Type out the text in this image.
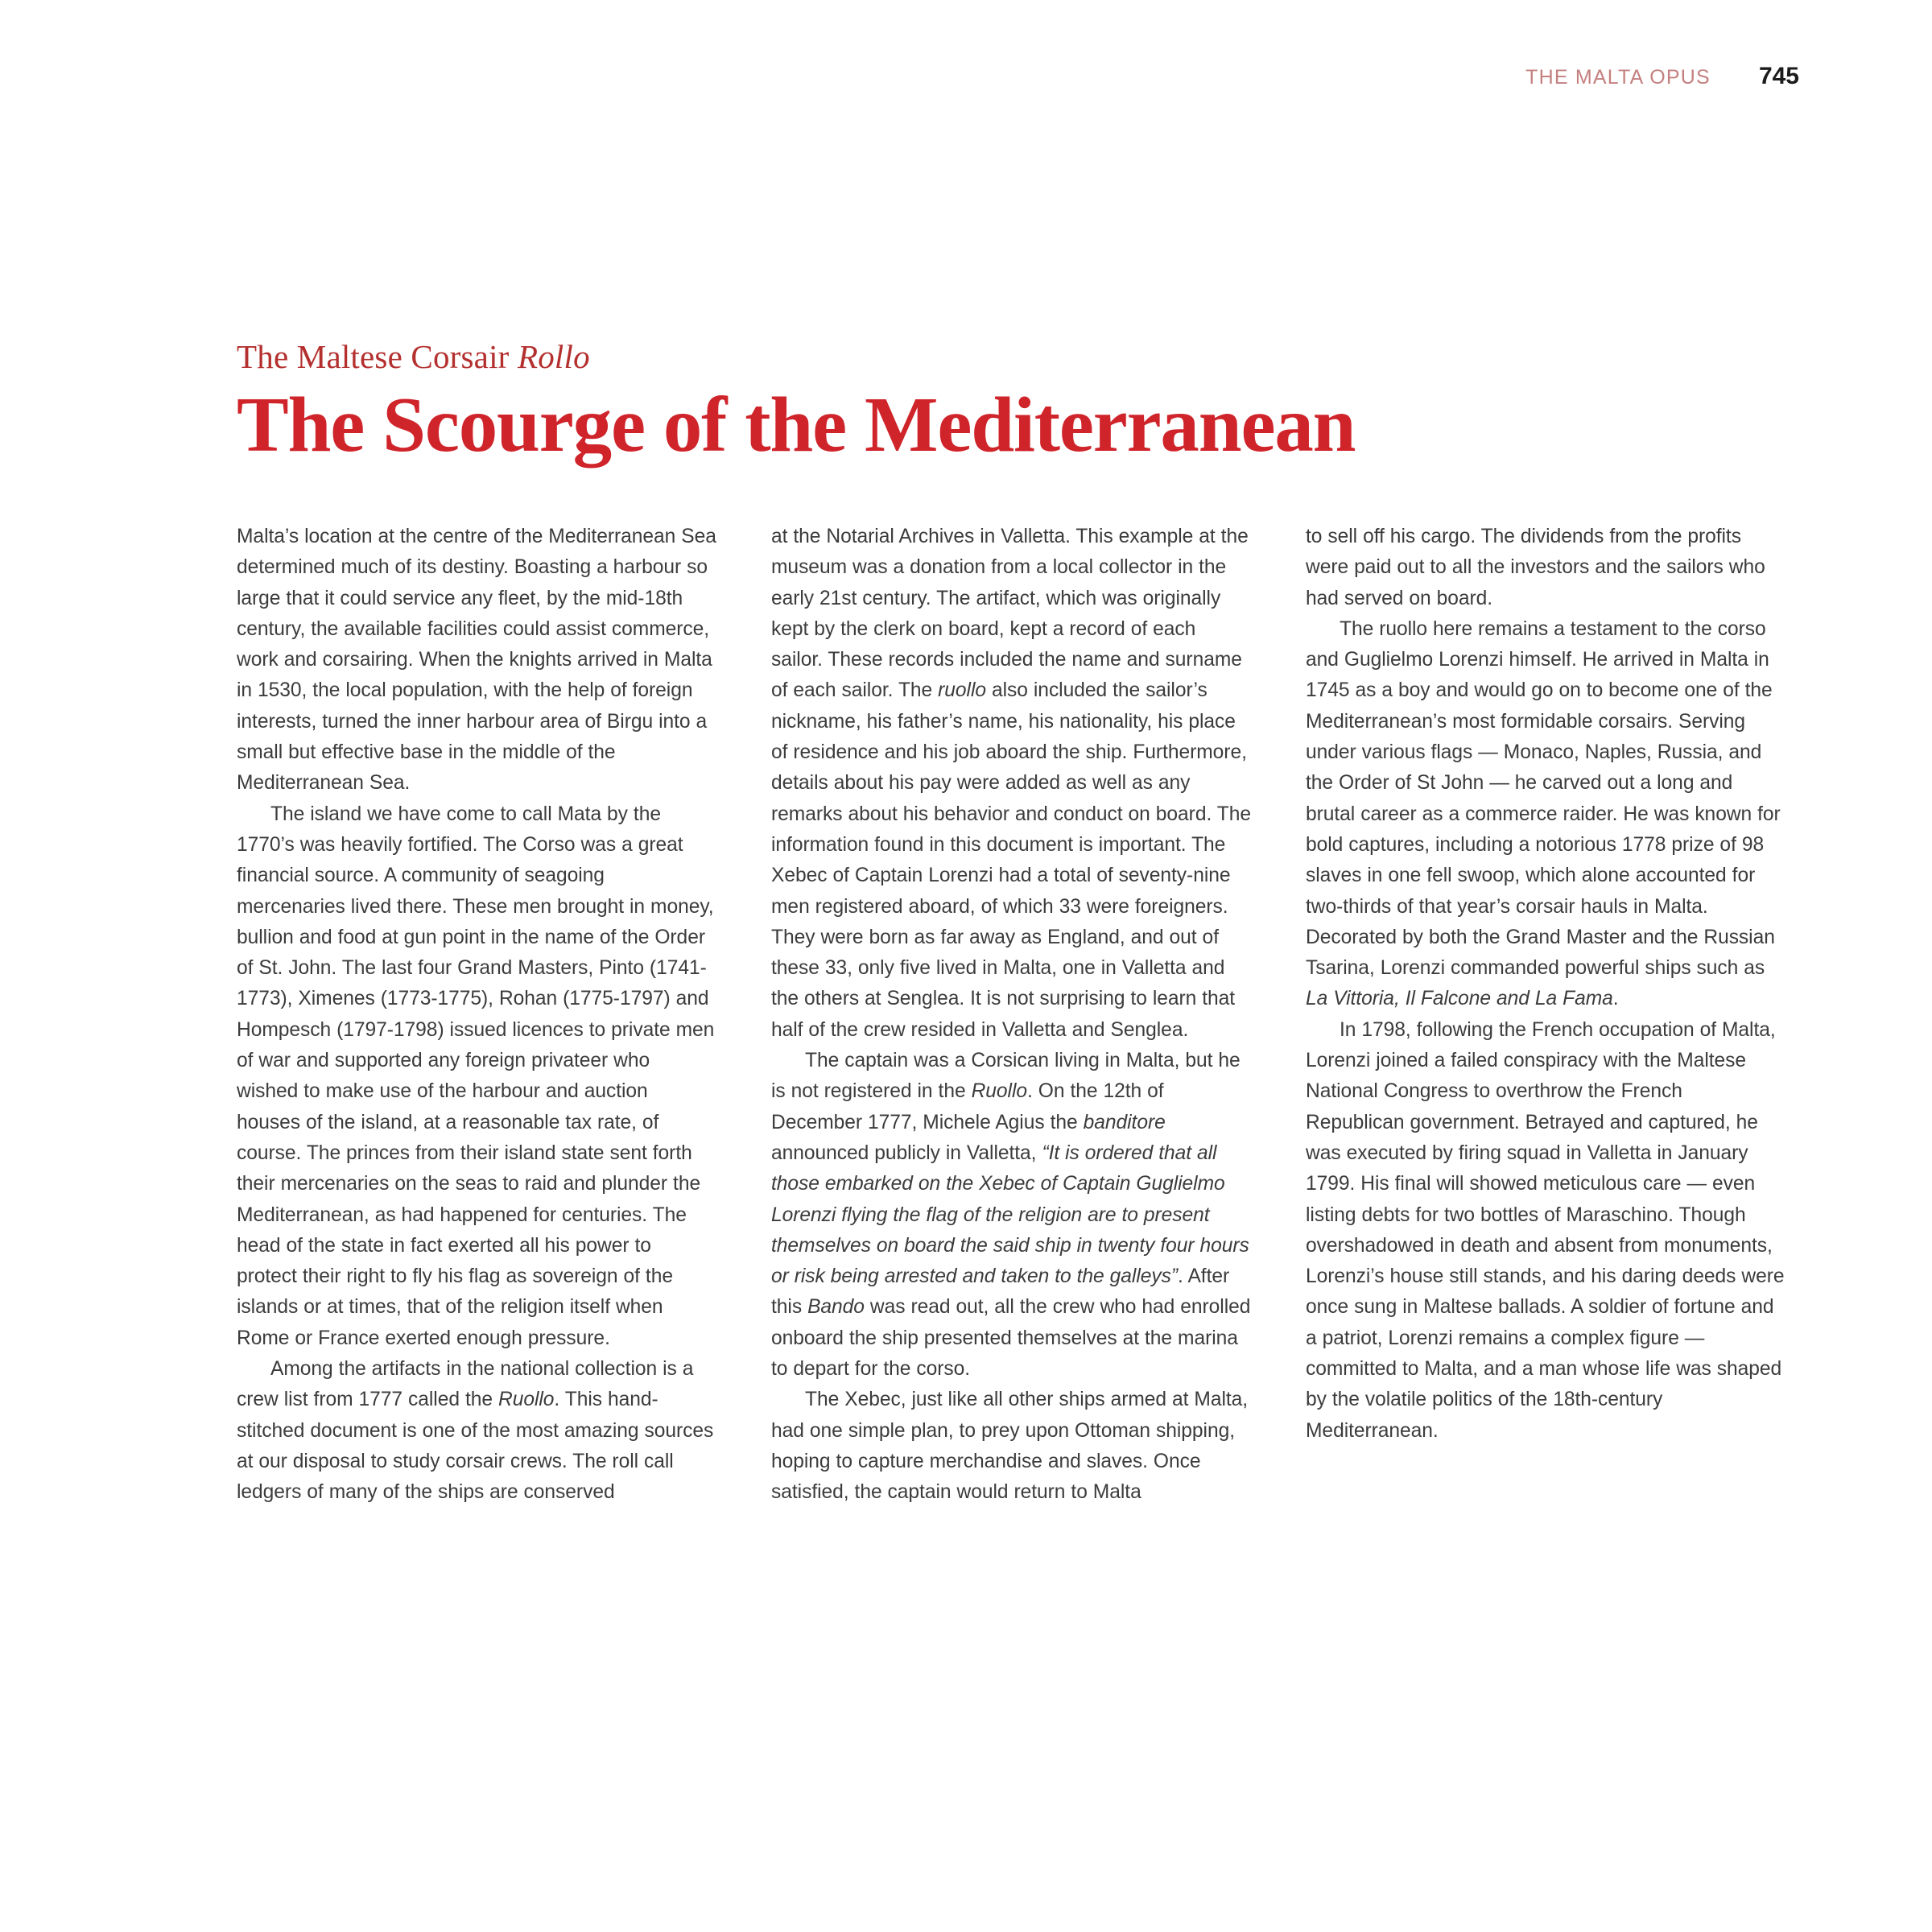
THE MALTA OPUS 745
The Maltese Corsair Rollo
The Scourge of the Mediterranean

Malta’s location at the centre of the Mediterranean Sea determined much of its destiny. Boasting a harbour so large that it could service any fleet, by the mid-18th century, the available facilities could assist commerce, work and corsairing. When the knights arrived in Malta in 1530, the local population, with the help of foreign interests, turned the inner harbour area of Birgu into a small but effective base in the middle of the Mediterranean Sea.

The island we have come to call Mata by the 1770’s was heavily fortified. The Corso was a great financial source. A community of seagoing mercenaries lived there. These men brought in money, bullion and food at gun point in the name of the Order of St. John. The last four Grand Masters, Pinto (1741-1773), Ximenes (1773-1775), Rohan (1775-1797) and Hompesch (1797-1798) issued licences to private men of war and supported any foreign privateer who wished to make use of the harbour and auction houses of the island, at a reasonable tax rate, of course. The princes from their island state sent forth their mercenaries on the seas to raid and plunder the Mediterranean, as had happened for centuries. The head of the state in fact exerted all his power to protect their right to fly his flag as sovereign of the islands or at times, that of the religion itself when Rome or France exerted enough pressure.

Among the artifacts in the national collection is a crew list from 1777 called the Ruollo. This hand-stitched document is one of the most amazing sources at our disposal to study corsair crews. The roll call ledgers of many of the ships are conserved

at the Notarial Archives in Valletta. This example at the museum was a donation from a local collector in the early 21st century. The artifact, which was originally kept by the clerk on board, kept a record of each sailor. These records included the name and surname of each sailor. The ruollo also included the sailor’s nickname, his father’s name, his nationality, his place of residence and his job aboard the ship. Furthermore, details about his pay were added as well as any remarks about his behavior and conduct on board. The information found in this document is important. The Xebec of Captain Lorenzi had a total of seventy-nine men registered aboard, of which 33 were foreigners. They were born as far away as England, and out of these 33, only five lived in Malta, one in Valletta and the others at Senglea. It is not surprising to learn that half of the crew resided in Valletta and Senglea.

The captain was a Corsican living in Malta, but he is not registered in the Ruollo. On the 12th of December 1777, Michele Agius the banditore announced publicly in Valletta, “It is ordered that all those embarked on the Xebec of Captain Guglielmo Lorenzi flying the flag of the religion are to present themselves on board the said ship in twenty four hours or risk being arrested and taken to the galleys”. After this Bando was read out, all the crew who had enrolled onboard the ship presented themselves at the marina to depart for the corso.

The Xebec, just like all other ships armed at Malta, had one simple plan, to prey upon Ottoman shipping, hoping to capture merchandise and slaves. Once satisfied, the captain would return to Malta

to sell off his cargo. The dividends from the profits were paid out to all the investors and the sailors who had served on board.

The ruollo here remains a testament to the corso and Guglielmo Lorenzi himself. He arrived in Malta in 1745 as a boy and would go on to become one of the Mediterranean’s most formidable corsairs. Serving under various flags — Monaco, Naples, Russia, and the Order of St John — he carved out a long and brutal career as a commerce raider. He was known for bold captures, including a notorious 1778 prize of 98 slaves in one fell swoop, which alone accounted for two-thirds of that year’s corsair hauls in Malta. Decorated by both the Grand Master and the Russian Tsarina, Lorenzi commanded powerful ships such as La Vittoria, Il Falcone and La Fama.

In 1798, following the French occupation of Malta, Lorenzi joined a failed conspiracy with the Maltese National Congress to overthrow the French Republican government. Betrayed and captured, he was executed by firing squad in Valletta in January 1799. His final will showed meticulous care — even listing debts for two bottles of Maraschino. Though overshadowed in death and absent from monuments, Lorenzi’s house still stands, and his daring deeds were once sung in Maltese ballads. A soldier of fortune and a patriot, Lorenzi remains a complex figure — committed to Malta, and a man whose life was shaped by the volatile politics of the 18th-century Mediterranean.
